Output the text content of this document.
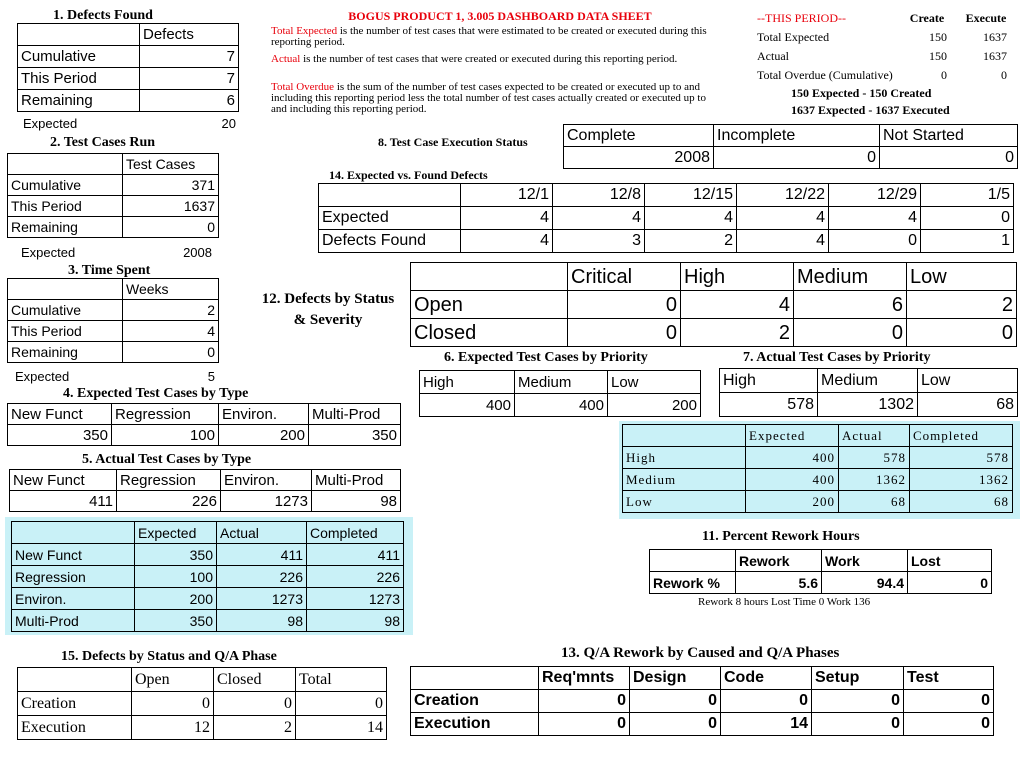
BOGUS PRODUCT 1, 3.005 DASHBOARD DATA SHEET
Total Expected is the number of test cases that were estimated to be created or executed during this reporting period.
Actual is the number of test cases that were created or executed during this reporting period.
Total Overdue is the sum of the number of test cases expected to be created or executed up to and including this reporting period less the total number of test cases actually created or executed up to and including this reporting period.
--THIS PERIOD--	Create	Execute
Total Expected	150	1637
Actual	150	1637
Total Overdue (Cumulative)	0	0
150 Expected - 150 Created
1637 Expected - 1637 Executed
1. Defects Found
	Defects
Cumulative	7
This Period	7
Remaining	6
Expected	20
2. Test Cases Run
	Test Cases
Cumulative	371
This Period	1637
Remaining	0
Expected	2008
3. Time Spent
	Weeks
Cumulative	2
This Period	4
Remaining	0
Expected	5
4. Expected Test Cases by Type
New Funct	Regression	Environ.	Multi-Prod
350	100	200	350
5. Actual Test Cases by Type
New Funct	Regression	Environ.	Multi-Prod
411	226	1273	98
	Expected	Actual	Completed
New Funct	350	411	411
Regression	100	226	226
Environ.	200	1273	1273
Multi-Prod	350	98	98
8. Test Case Execution Status Complete	Incomplete	Not Started
2008	0	0
14. Expected vs. Found Defects
	12/1	12/8	12/15	12/22	12/29	1/5
Expected	4	4	4	4	4	0
Defects Found	4	3	2	4	0	1
12. Defects by Status
& Severity
	Critical	High	Medium	Low
Open	0	4	6	2
Closed	0	2	0	0
6. Expected Test Cases by Priority
High	Medium	Low
400	400	200
7. Actual Test Cases by Priority
High	Medium	Low
578	1302	68
	Expected	Actual	Completed
High	400	578	578
Medium	400	1362	1362
Low	200	68	68
11. Percent Rework Hours
	Rework	Work	Lost
Rework %	5.6	94.4	0
Rework 8 hours Lost Time 0 Work 136
15. Defects by Status and Q/A Phase
	Open	Closed	Total
Creation	0	0	0
Execution	12	2	14
13. Q/A Rework by Caused and Q/A Phases
	Req'mnts	Design	Code	Setup	Test
Creation	0	0	0	0	0
Execution	0	0	14	0	0
